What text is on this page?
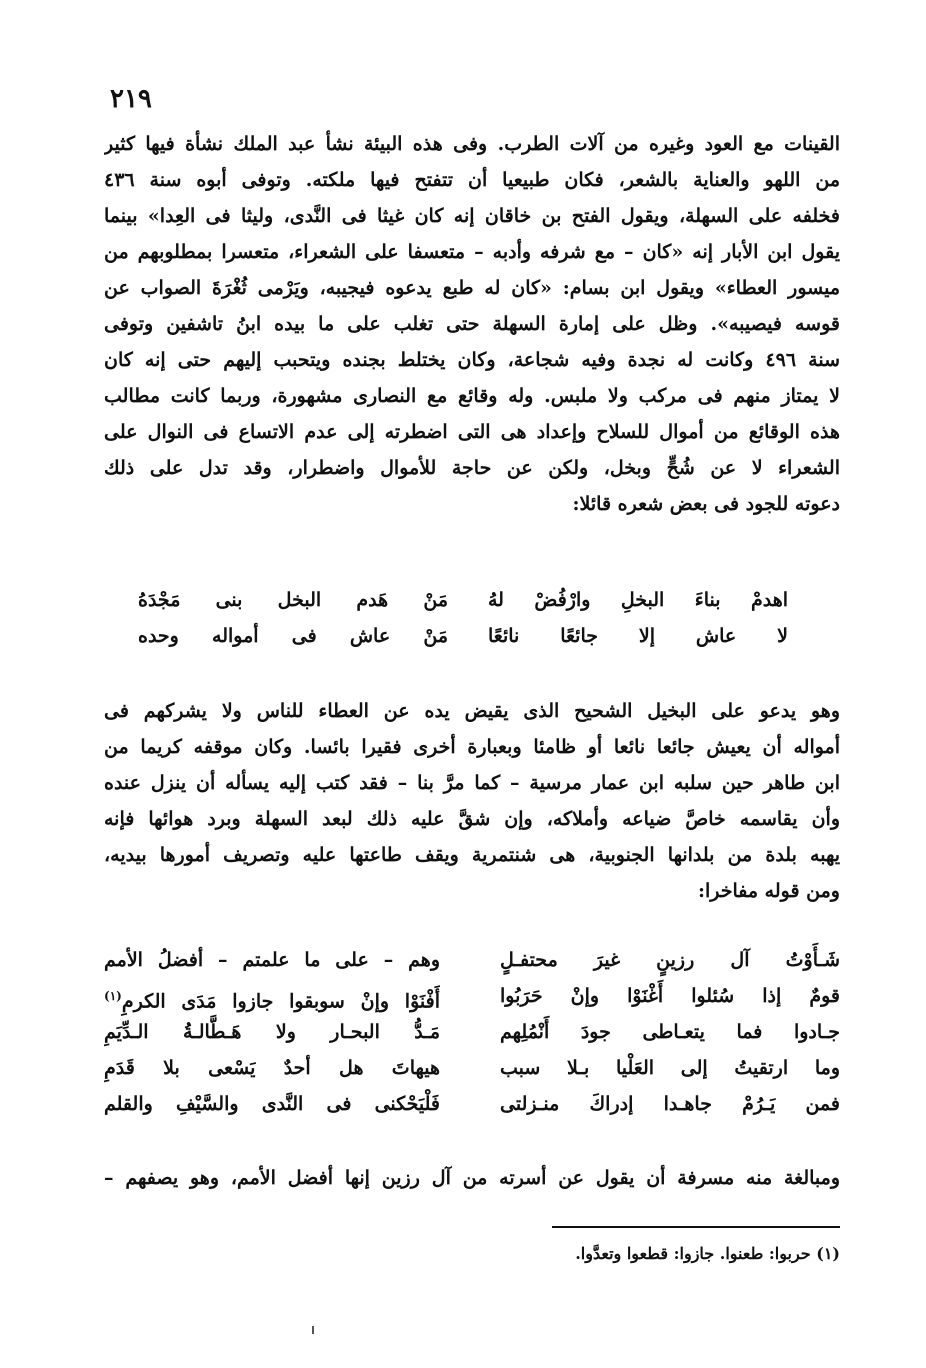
٢١٩
القينات مع العود وغيره من آلات الطرب. وفى هذه البيئة نشأ عبد الملك نشأة فيها كثير
من اللهو والعناية بالشعر، فكان طبيعيا أن تتفتح فيها ملكته. وتوفى أبوه سنة ٤٣٦
فخلفه على السهلة، ويقول الفتح بن خاقان إنه كان غيثا فى النَّدى، وليثا فى العِدا» بينما
يقول ابن الأبار إنه «كان – مع شرفه وأدبه – متعسفا على الشعراء، متعسرا بمطلوبهم من
ميسور العطاء» ويقول ابن بسام: «كان له طبع يدعوه فيجيبه، ويَرْمى ثُغْرَةَ الصواب عن
قوسه فيصيبه». وظل على إمارة السهلة حتى تغلب على ما بيده ابنُ تاشفين وتوفى
سنة ٤٩٦ وكانت له نجدة وفيه شجاعة، وكان يختلط بجنده ويتحبب إليهم حتى إنه كان
لا يمتاز منهم فى مركب ولا ملبس. وله وقائع مع النصارى مشهورة، وربما كانت مطالب
هذه الوقائع من أموال للسلاح وإعداد هى التى اضطرته إلى عدم الاتساع فى النوال على
الشعراء لا عن شُحٍّ وبخل، ولكن عن حاجة للأموال واضطرار، وقد تدل على ذلك
دعوته للجود فى بعض شعره قائلا:
اهدمْ بناءَ البخلِ وارْفُضْ لهُ
مَنْ هَدم البخل بنى مَجْدَهُ
لا عاش إلا جائعًا نائعًا
مَنْ عاش فى أمواله وحده
وهو يدعو على البخيل الشحيح الذى يقيض يده عن العطاء للناس ولا يشركهم فى
أمواله أن يعيش جائعا نائعا أو ظامئا وبعبارة أخرى فقيرا بائسا. وكان موقفه كريما من
ابن طاهر حين سلبه ابن عمار مرسية – كما مرَّ بنا – فقد كتب إليه يسأله أن ينزل عنده
وأن يقاسمه خاصَّ ضياعه وأملاكه، وإن شقَّ عليه ذلك لبعد السهلة وبرد هوائها فإنه
يهبه بلدة من بلدانها الجنوبية، هى شنتمرية ويقف طاعتها عليه وتصريف أمورها بيديه،
ومن قوله مفاخرا:
شَـأَوْتُ آل رزينٍ غيرَ محتفـلٍ
وهم – على ما علمتم – أفضلُ الأمم
قومٌ إذا سُئلوا أَغْنَوْا وإنْ حَرَبُوا
أَفْنَوْا وإنْ سوبقوا جازوا مَدَى الكرمِ$^{(١)}$
جـادوا فما يتعـاطى جودَ أَنْمُلِهم
مَـدُّ البحـار ولا هَـطَّالـةُ الـدِّيَمِ
وما ارتقيتُ إلى العَلْيا بـلا سبب
هيهاتَ هل أحدٌ يَسْعى بلا قَدَمِ
فمن يَـرُمْ جاهـدا إدراكَ منـزلتى
فَلْيَحْكنى فى النَّدى والسَّيْفِ والقلم
ومبالغة منه مسرفة أن يقول عن أسرته من آل رزين إنها أفضل الأمم، وهو يصفهم –
(١) حربوا: طعنوا. جازوا: قطعوا وتعدَّوا.
